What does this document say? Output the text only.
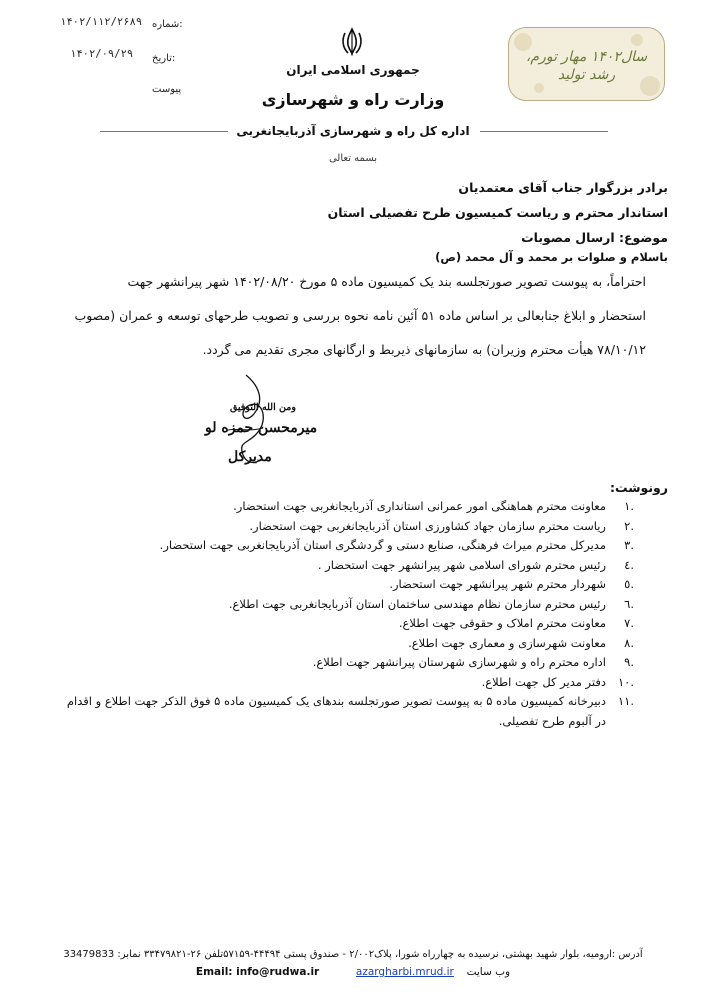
شماره:
۱۴۰۲/۱۱۲/۲۶۸۹
تاریخ:
۱۴۰۲/۰۹/۲۹
پیوست
جمهوری اسلامی ایران
وزارت راه و شهرسازی
سال۱۴۰۲ مهار تورم، رشد تولید
اداره کل راه و شهرسازی آذربایجانغربی
بسمه تعالی
برادر بزرگوار جناب آقای معتمدیان
استاندار محترم و ریاست کمیسیون طرح تفصیلی استان
موضوع: ارسال مصوبات
باسلام و صلوات بر محمد و آل محمد (ص)
احتراماً، به پیوست تصویر صورتجلسه بند یک کمیسیون ماده ۵ مورخ ۱۴۰۲/۰۸/۲۰ شهر پیرانشهر جهت
استحضار و ابلاغ جنابعالی بر اساس ماده ۵۱ آئین نامه نحوه بررسی و تصویب طرحهای توسعه و عمران (مصوب
۷۸/۱۰/۱۲ هیأت محترم وزیران) به سازمانهای ذیربط و ارگانهای مجری تقدیم می گردد.
ومن الله التوفیق
میرمحسن حمزه لو
مدیرکل
رونوشت:
.۱
معاونت محترم هماهنگی امور عمرانی استانداری آذربایجانغربی جهت استحضار.
.۲
ریاست محترم سازمان جهاد کشاورزی استان آذربایجانغربی جهت استحضار.
.۳
مدیرکل محترم میراث فرهنگی، صنایع دستی و گردشگری استان آذربایجانغربی جهت استحضار.
.٤
رئیس محترم شورای اسلامی شهر پیرانشهر جهت استحضار .
.٥
شهردار محترم شهر پیرانشهر جهت استحضار.
.٦
رئیس محترم سازمان نظام مهندسی ساختمان استان آذربایجانغربی جهت اطلاع.
.۷
معاونت محترم املاک و حقوقی جهت اطلاع.
.۸
معاونت شهرسازی و معماری جهت اطلاع.
.۹
اداره محترم راه و شهرسازی شهرستان پیرانشهر جهت اطلاع.
.۱۰
دفتر مدیر کل جهت اطلاع.
.۱۱
دبیرخانه کمیسیون ماده ۵ به پیوست تصویر صورتجلسه بندهای یک کمیسیون ماده ۵ فوق الذکر جهت اطلاع و اقدام در آلبوم طرح تفصیلی.
آدرس :ارومیه، بلوار شهید بهشتی، نرسیده به چهارراه شورا، پلاک۲/۰۰۲ - صندوق پستی ۴۴۴۹۴-۵۷۱۵۹تلفن ۲۶-۳۳۴۷۹۸۲۱ نمابر: 33479833
Email: info@rudwa.ir	azargharbi.mrud.ir وب سایت
